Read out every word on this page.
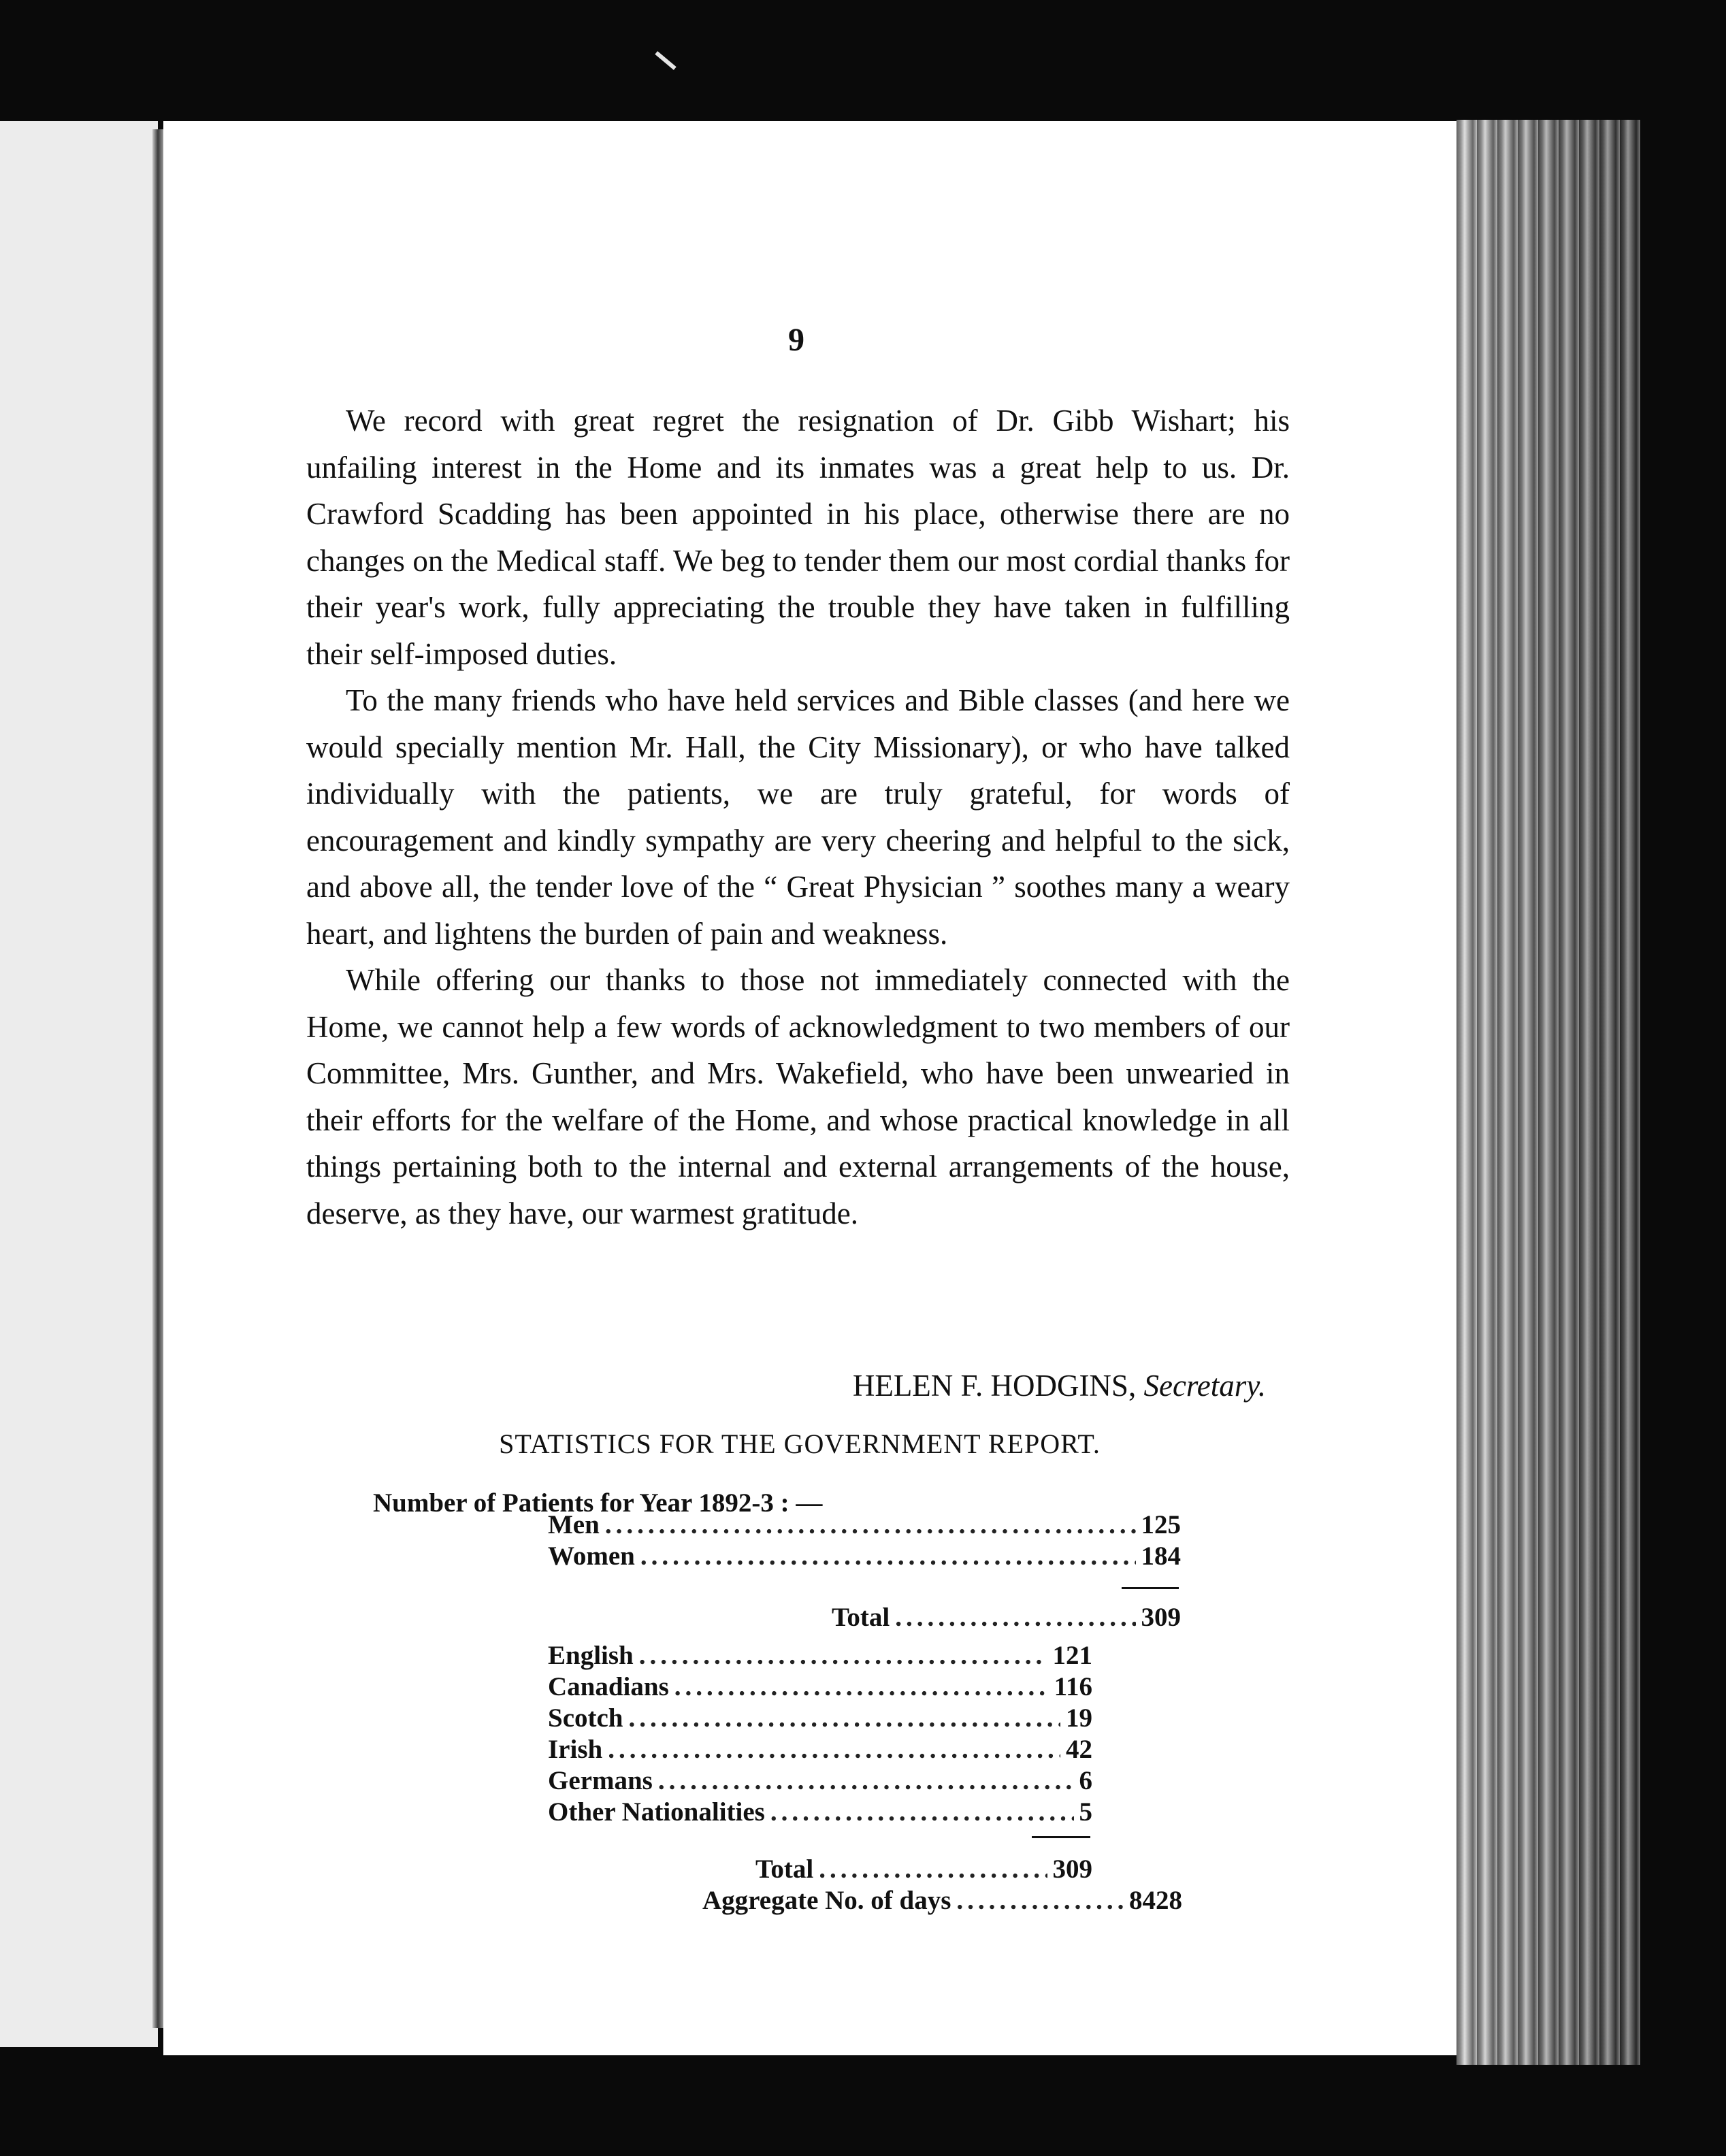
9

We record with great regret the resignation of Dr. Gibb Wishart; his unfailing interest in the Home and its inmates was a great help to us. Dr. Crawford Scadding has been appointed in his place, otherwise there are no changes on the Medical staff. We beg to tender them our most cordial thanks for their year's work, fully appreciating the trouble they have taken in fulfilling their self-imposed duties.

To the many friends who have held services and Bible classes (and here we would specially mention Mr. Hall, the City Missionary), or who have talked individually with the patients, we are truly grateful, for words of encouragement and kindly sympathy are very cheering and helpful to the sick, and above all, the tender love of the “ Great Physician ” soothes many a weary heart, and lightens the burden of pain and weakness.

While offering our thanks to those not immediately connected with the Home, we cannot help a few words of acknowledgment to two members of our Committee, Mrs. Gunther, and Mrs. Wakefield, who have been unwearied in their efforts for the welfare of the Home, and whose practical knowledge in all things pertaining both to the internal and external arrangements of the house, deserve, as they have, our warmest gratitude.

HELEN F. HODGINS, Secretary.
STATISTICS FOR THE GOVERNMENT REPORT.
Number of Patients for Year 1892-3 : —
Men .....	125
Women .....	184
Total .....	309
English .....	121
Canadians .....	116
Scotch .....	19
Irish .....	42
Germans .....	6
Other Nationalities .....	5
Total .....	309
Aggregate No. of days .....	8428
